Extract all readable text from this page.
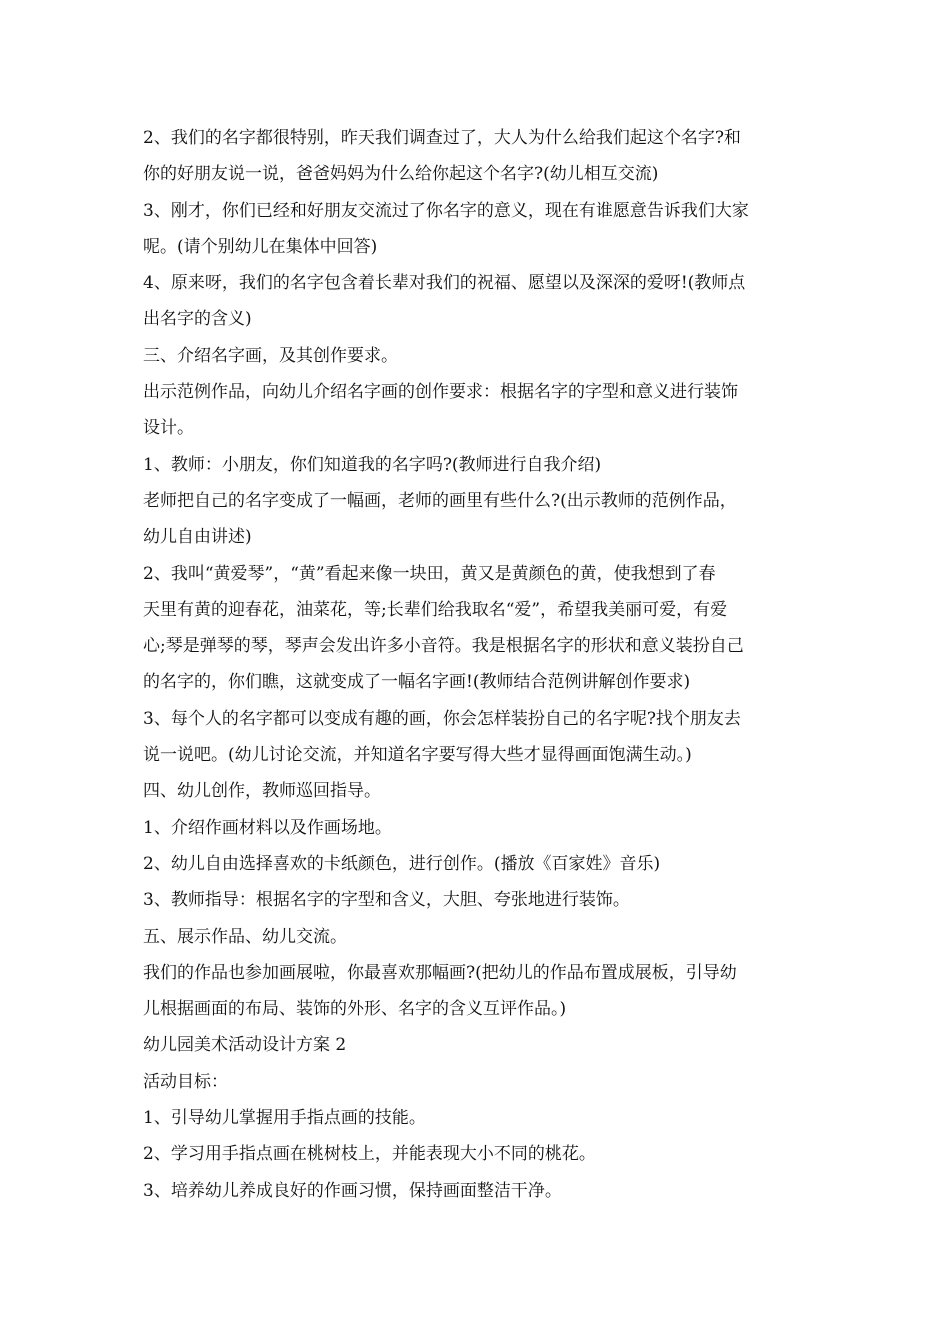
2、我们的名字都很特别，昨天我们调查过了，大人为什么给我们起这个名字?和
你的好朋友说一说，爸爸妈妈为什么给你起这个名字?(幼儿相互交流)
3、刚才，你们已经和好朋友交流过了你名字的意义，现在有谁愿意告诉我们大家
呢。(请个别幼儿在集体中回答)
4、原来呀，我们的名字包含着长辈对我们的祝福、愿望以及深深的爱呀!(教师点
出名字的含义)
三、介绍名字画，及其创作要求。
出示范例作品，向幼儿介绍名字画的创作要求：根据名字的字型和意义进行装饰
设计。
1、教师：小朋友，你们知道我的名字吗?(教师进行自我介绍)
老师把自己的名字变成了一幅画，老师的画里有些什么?(出示教师的范例作品，
幼儿自由讲述)
2、我叫“黄爱琴”，“黄”看起来像一块田，黄又是黄颜色的黄，使我想到了春
天里有黄的迎春花，油菜花，等;长辈们给我取名“爱”，希望我美丽可爱，有爱
心;琴是弹琴的琴，琴声会发出许多小音符。我是根据名字的形状和意义装扮自己
的名字的，你们瞧，这就变成了一幅名字画!(教师结合范例讲解创作要求)
3、每个人的名字都可以变成有趣的画，你会怎样装扮自己的名字呢?找个朋友去
说一说吧。(幼儿讨论交流，并知道名字要写得大些才显得画面饱满生动。)
四、幼儿创作，教师巡回指导。
1、介绍作画材料以及作画场地。
2、幼儿自由选择喜欢的卡纸颜色，进行创作。(播放《百家姓》音乐)
3、教师指导：根据名字的字型和含义，大胆、夸张地进行装饰。
五、展示作品、幼儿交流。
我们的作品也参加画展啦，你最喜欢那幅画?(把幼儿的作品布置成展板，引导幼
儿根据画面的布局、装饰的外形、名字的含义互评作品。)
幼儿园美术活动设计方案 2
活动目标：
1、引导幼儿掌握用手指点画的技能。
2、学习用手指点画在桃树枝上，并能表现大小不同的桃花。
3、培养幼儿养成良好的作画习惯，保持画面整洁干净。
